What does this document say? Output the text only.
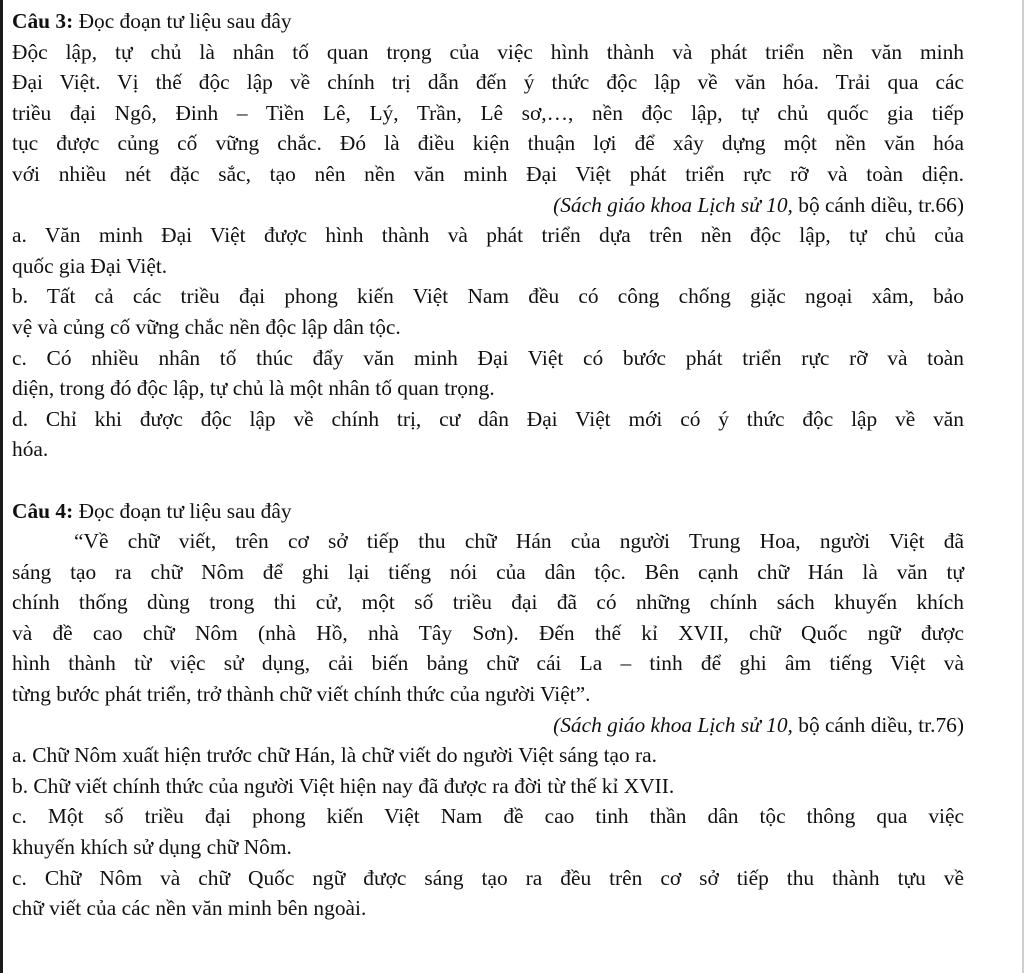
Câu 3: Đọc đoạn tư liệu sau đây
Độc lập, tự chủ là nhân tố quan trọng của việc hình thành và phát triển nền văn minh
Đại Việt. Vị thế độc lập về chính trị dẫn đến ý thức độc lập về văn hóa. Trải qua các
triều đại Ngô, Đinh – Tiền Lê, Lý, Trần, Lê sơ,…, nền độc lập, tự chủ quốc gia tiếp
tục được củng cố vững chắc. Đó là điều kiện thuận lợi để xây dựng một nền văn hóa
với nhiều nét đặc sắc, tạo nên nền văn minh Đại Việt phát triển rực rỡ và toàn diện.
(Sách giáo khoa Lịch sử 10, bộ cánh diều, tr.66)
a. Văn minh Đại Việt được hình thành và phát triển dựa trên nền độc lập, tự chủ của
quốc gia Đại Việt.
b. Tất cả các triều đại phong kiến Việt Nam đều có công chống giặc ngoại xâm, bảo
vệ và củng cố vững chắc nền độc lập dân tộc.
c. Có nhiều nhân tố thúc đẩy văn minh Đại Việt có bước phát triển rực rỡ và toàn
diện, trong đó độc lập, tự chủ là một nhân tố quan trọng.
d. Chỉ khi được độc lập về chính trị, cư dân Đại Việt mới có ý thức độc lập về văn
hóa.
Câu 4: Đọc đoạn tư liệu sau đây
“Về chữ viết, trên cơ sở tiếp thu chữ Hán của người Trung Hoa, người Việt đã
sáng tạo ra chữ Nôm để ghi lại tiếng nói của dân tộc. Bên cạnh chữ Hán là văn tự
chính thống dùng trong thi cử, một số triều đại đã có những chính sách khuyến khích
và đề cao chữ Nôm (nhà Hồ, nhà Tây Sơn). Đến thế kỉ XVII, chữ Quốc ngữ được
hình thành từ việc sử dụng, cải biến bảng chữ cái La – tinh để ghi âm tiếng Việt và
từng bước phát triển, trở thành chữ viết chính thức của người Việt”.
(Sách giáo khoa Lịch sử 10, bộ cánh diều, tr.76)
a. Chữ Nôm xuất hiện trước chữ Hán, là chữ viết do người Việt sáng tạo ra.
b. Chữ viết chính thức của người Việt hiện nay đã được ra đời từ thế kỉ XVII.
c. Một số triều đại phong kiến Việt Nam đề cao tinh thần dân tộc thông qua việc
khuyến khích sử dụng chữ Nôm.
c. Chữ Nôm và chữ Quốc ngữ được sáng tạo ra đều trên cơ sở tiếp thu thành tựu về
chữ viết của các nền văn minh bên ngoài.
